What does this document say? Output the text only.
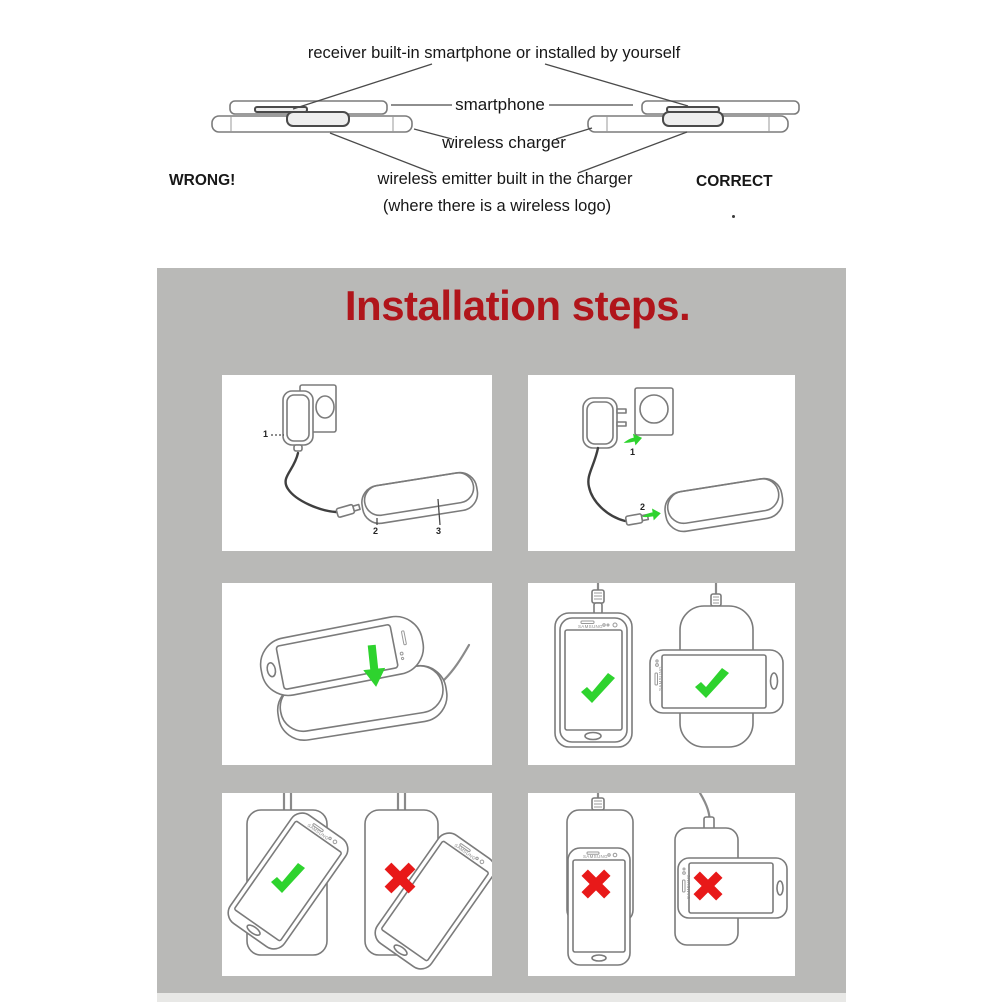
receiver built-in smartphone or installed by yourself
smartphone
wireless charger
wireless emitter built in the charger
(where there is a wireless logo)
WRONG!	CORRECT
Installation steps.
1
2	3
1
2
SAMSUNG
SAMSUNG
SAMSUNG
SAMSUNG	SAMSUNG
SAMSUNG
